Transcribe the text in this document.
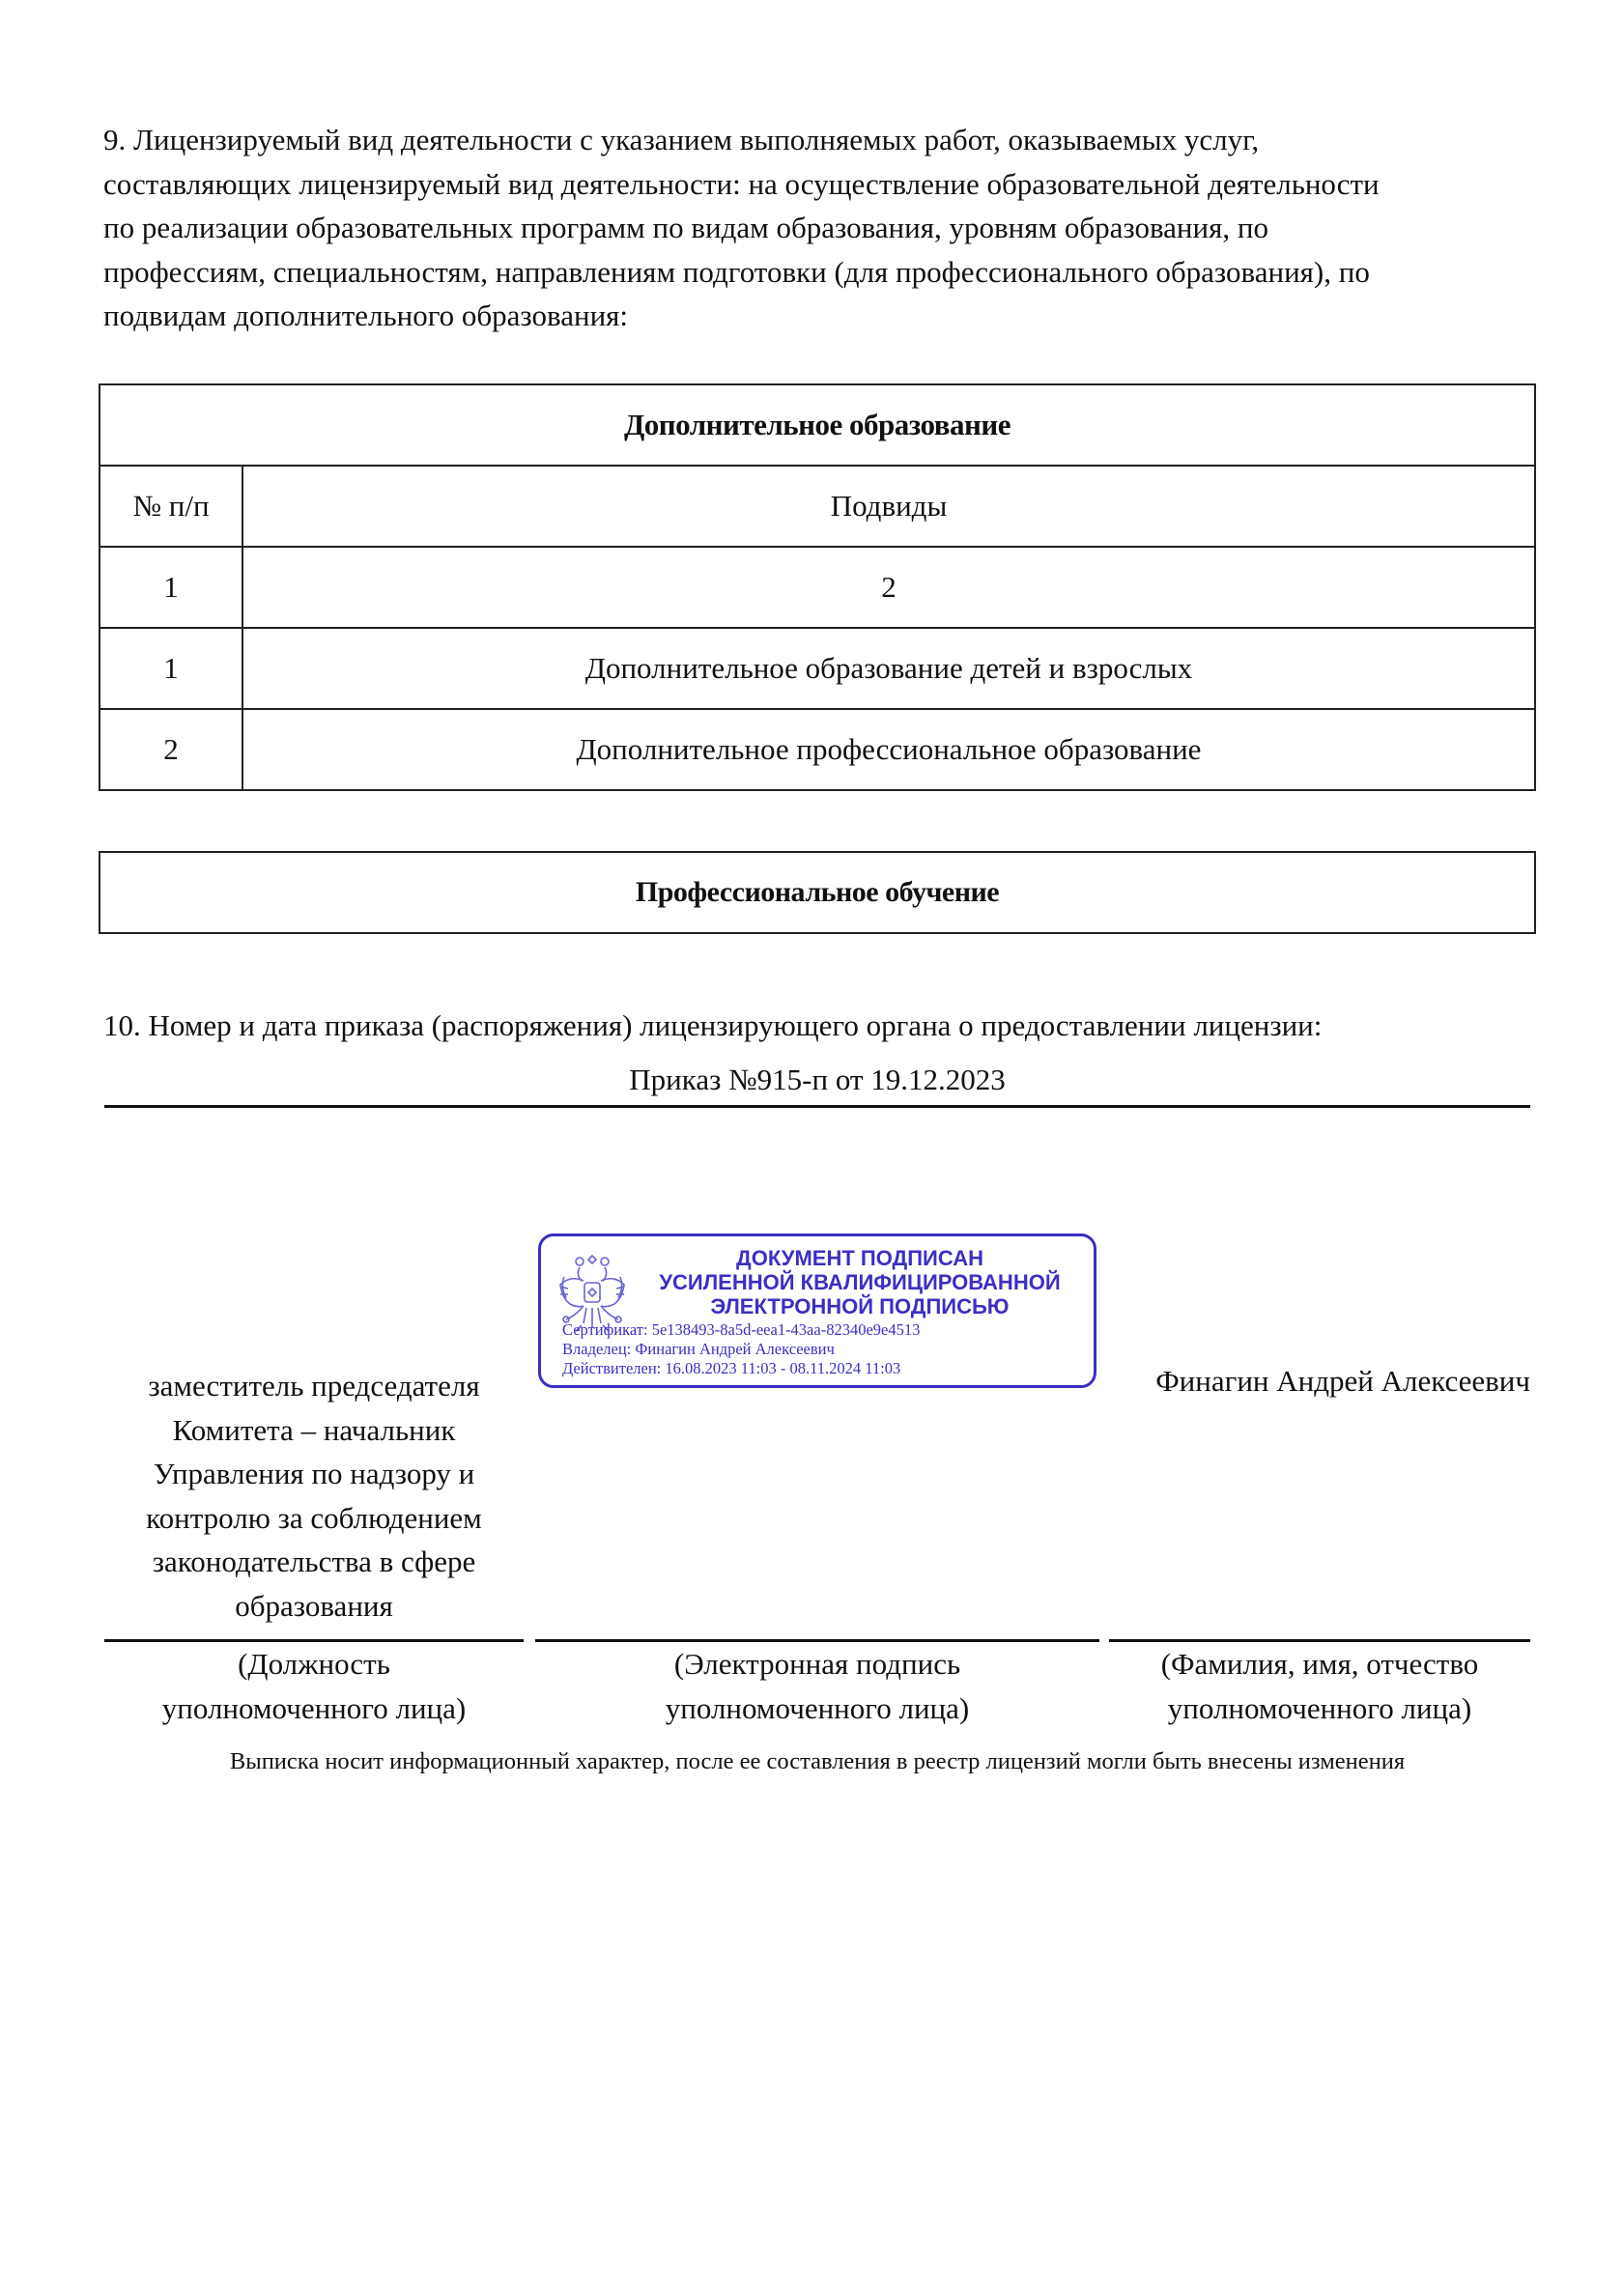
9. Лицензируемый вид деятельности с указанием выполняемых работ, оказываемых услуг,
составляющих лицензируемый вид деятельности: на осуществление образовательной деятельности
по реализации образовательных программ по видам образования, уровням образования, по
профессиям, специальностям, направлениям подготовки (для профессионального образования), по
подвидам дополнительного образования:
Дополнительное образование	
№ п/п	Подвиды
1	2
1	Дополнительное образование детей и взрослых
2	Дополнительное профессиональное образование
Профессиональное обучение
10. Номер и дата приказа (распоряжения) лицензирующего органа о предоставлении лицензии:
Приказ №915-п от 19.12.2023
ДОКУМЕНТ ПОДПИСАН
УСИЛЕННОЙ КВАЛИФИЦИРОВАННОЙ
ЭЛЕКТРОННОЙ ПОДПИСЬЮ
Сертификат: 5e138493-8a5d-eea1-43aa-82340e9e4513
Владелец: Финагин Андрей Алексеевич
Действителен: 16.08.2023 11:03 - 08.11.2024 11:03
заместитель председателя
Комитета – начальник
Управления по надзору и
контролю за соблюдением
законодательства в сфере
образования
Финагин Андрей Алексеевич
(Должность
уполномоченного лица)
(Электронная подпись
уполномоченного лица)
(Фамилия, имя, отчество
уполномоченного лица)
Выписка носит информационный характер, после ее составления в реестр лицензий могли быть внесены изменения
